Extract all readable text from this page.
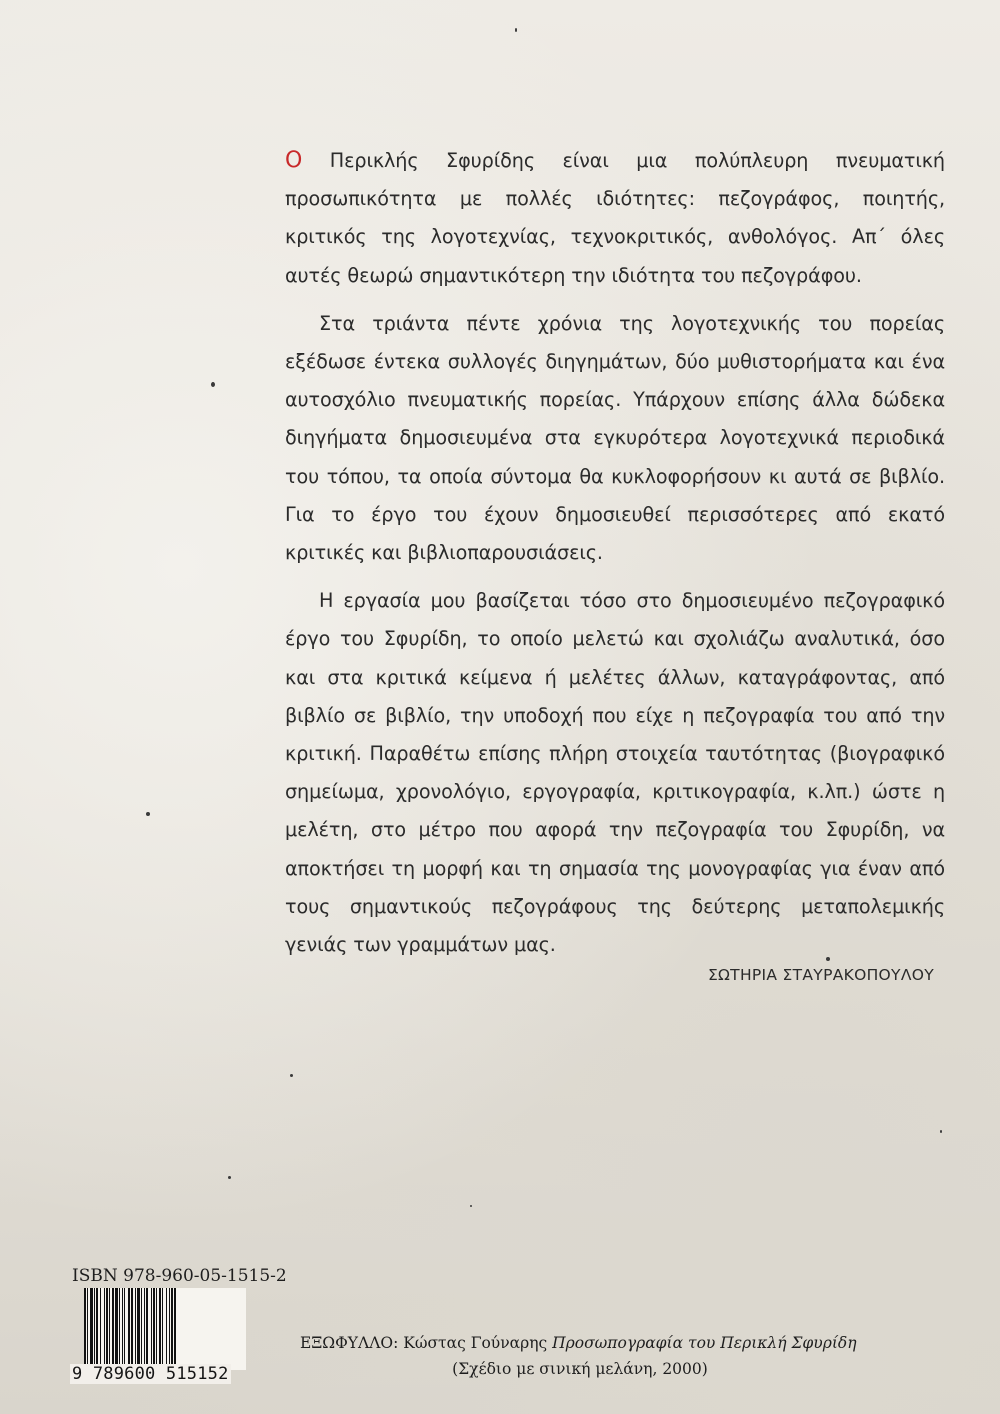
Ο Περικλής Σφυρίδης είναι μια πολύπλευρη πνευματική προσωπικότητα με πολλές ιδιότητες: πεζογράφος, ποιητής, κριτικός της λογοτεχνίας, τεχνοκριτικός, ανθολόγος. Απ΄ όλες αυτές θεωρώ σημαντικότερη την ιδιότητα του πεζογράφου.

Στα τριάντα πέντε χρόνια της λογοτεχνικής του πορείας εξέδωσε έντεκα συλλογές διηγημάτων, δύο μυθιστορήματα και ένα αυτοσχόλιο πνευματικής πορείας. Υπάρχουν επίσης άλλα δώδεκα διηγήματα δημοσιευμένα στα εγκυρότερα λογοτεχνικά περιοδικά του τόπου, τα οποία σύντομα θα κυκλοφορήσουν κι αυτά σε βιβλίο. Για το έργο του έχουν δημοσιευθεί περισσότερες από εκατό κριτικές και βιβλιοπαρουσιάσεις.

Η εργασία μου βασίζεται τόσο στο δημοσιευμένο πεζογραφικό έργο του Σφυρίδη, το οποίο μελετώ και σχολιάζω αναλυτικά, όσο και στα κριτικά κείμενα ή μελέτες άλλων, καταγράφοντας, από βιβλίο σε βιβλίο, την υποδοχή που είχε η πεζογραφία του από την κριτική. Παραθέτω επίσης πλήρη στοιχεία ταυτότητας (βιογραφικό σημείωμα, χρονολόγιο, εργογραφία, κριτικογραφία, κ.λπ.) ώστε η μελέτη, στο μέτρο που αφορά την πεζογραφία του Σφυρίδη, να αποκτήσει τη μορφή και τη σημασία της μονογραφίας για έναν από τους σημαντικούς πεζογράφους της δεύτερης μεταπολεμικής γενιάς των γραμμάτων μας.

ΣΩΤΗΡΙΑ ΣΤΑΥΡΑΚΟΠΟΥΛΟΥ
ISBN 978-960-05-1515-2
9 789600 515152
ΕΞΩΦΥΛΛΟ: Κώστας Γούναρης Προσωπογραφία του Περικλή Σφυρίδη
(Σχέδιο με σινική μελάνη, 2000)
